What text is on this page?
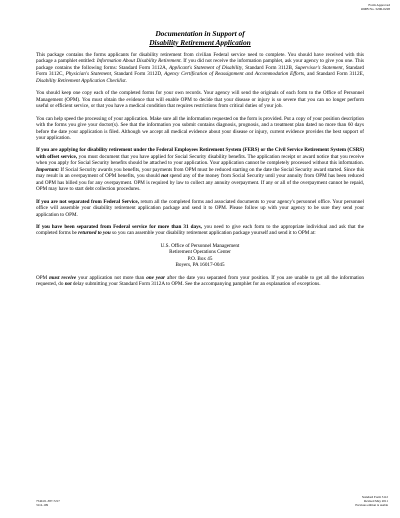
Form Approved
OMB No. 3206-0228
Documentation in Support of
Disability Retirement Application

This package contains the forms applicants for disability retirement from civilian Federal service need to complete. You should have received with this package a pamphlet entitled: Information About Disability Retirement. If you did not receive the information pamphlet, ask your agency to give you one. This package contains the following forms: Standard Form 3112A, Applicant's Statement of Disability, Standard Form 3112B, Supervisor's Statement, Standard Form 3112C, Physician's Statement, Standard Form 3112D, Agency Certification of Reassignment and Accommodation Efforts, and Standard Form 3112E, Disability Retirement Application Checklist.

You should keep one copy each of the completed forms for your own records. Your agency will send the originals of each form to the Office of Personnel Management (OPM). You must obtain the evidence that will enable OPM to decide that your disease or injury is so severe that you can no longer perform useful or efficient service, or that you have a medical condition that requires restrictions from critical duties of your job.

You can help speed the processing of your application. Make sure all the information requested on the form is provided. Put a copy of your position description with the forms you give your doctor(s). See that the information you submit contains diagnosis, prognosis, and a treatment plan dated no more than 60 days before the date your application is filed. Although we accept all medical evidence about your disease or injury, current evidence provides the best support of your application.

If you are applying for disability retirement under the Federal Employees Retirement System (FERS) or the Civil Service Retirement System (CSRS) with offset service, you must document that you have applied for Social Security disability benefits. The application receipt or award notice that you receive when you apply for Social Security benefits should be attached to your application. Your application cannot be completely processed without this information. Important: If Social Security awards you benefits, your payments from OPM must be reduced starting on the date the Social Security award started. Since this may result in an overpayment of OPM benefits, you should not spend any of the money from Social Security until your annuity from OPM has been reduced and OPM has billed you for any overpayment. OPM is required by law to collect any annuity overpayment. If any or all of the overpayment cannot be repaid, OPM may have to start debt collection procedures.

If you are not separated from Federal Service, return all the completed forms and associated documents to your agency's personnel office. Your personnel office will assemble your disability retirement application package and send it to OPM. Please follow up with your agency to be sure they send your application to OPM.

If you have been separated from Federal service for more than 31 days, you need to give each form to the appropriate individual and ask that the completed forms be returned to you so you can assemble your disability retirement application package yourself and send it to OPM at:

U.S. Office of Personnel Management
Retirement Operations Center
P.O. Box 45
Boyers, PA 16017-0045

OPM must receive your application not more than one year after the date you separated from your position. If you are unable to get all the information requested, do not delay submitting your Standard Form 3112A to OPM. See the accompanying pamphlet for an explanation of exceptions.

7540-01-387-7217
3112-109
Standard Form 3112
Revised May 2011
Previous edition is usable
